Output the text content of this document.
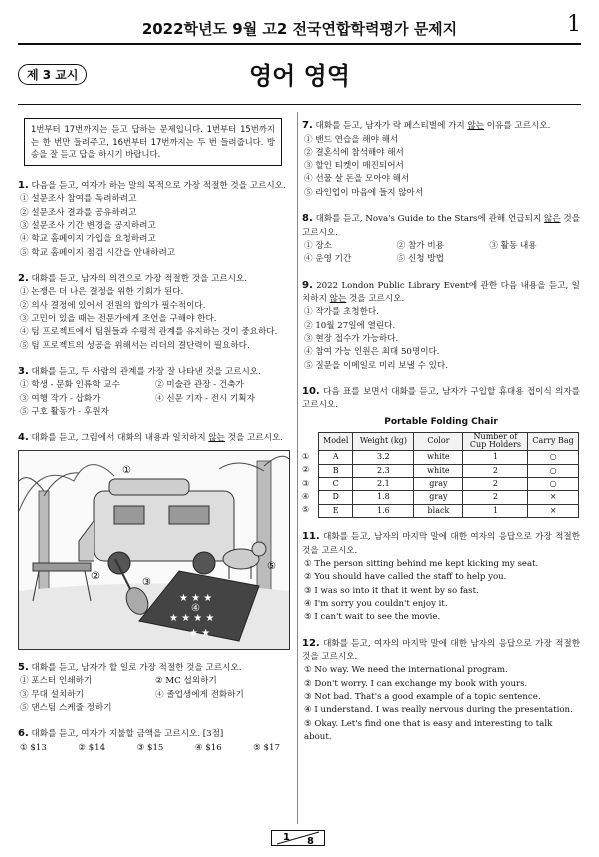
2022학년도 9월 고2 전국연합학력평가 문제지	1
제 3 교시	영어 영역
1번부터 17번까지는 듣고 답하는 문제입니다. 1번부터 15번까지는 한 번만 들려주고, 16번부터 17번까지는 두 번 들려줍니다. 방송을 잘 듣고 답을 하시기 바랍니다.
1. 다음을 듣고, 여자가 하는 말의 목적으로 가장 적절한 것을 고르시오.
① 설문조사 참여를 독려하려고
② 설문조사 결과를 공유하려고
③ 설문조사 기간 변경을 공지하려고
④ 학교 홈페이지 가입을 요청하려고
⑤ 학교 홈페이지 점검 시간을 안내하려고
2. 대화를 듣고, 남자의 의견으로 가장 적절한 것을 고르시오.
① 논쟁은 더 나은 결정을 위한 기회가 된다.
② 의사 결정에 있어서 전원의 합의가 필수적이다.
③ 고민이 있을 때는 전문가에게 조언을 구해야 한다.
④ 팀 프로젝트에서 팀원들과 수평적 관계를 유지하는 것이 중요하다.
⑤ 팀 프로젝트의 성공을 위해서는 리더의 결단력이 필요하다.
3. 대화를 듣고, 두 사람의 관계를 가장 잘 나타낸 것을 고르시오.
① 학생 - 문화 인류학 교수	② 미술관 관장 - 건축가
③ 여행 작가 - 삽화가	④ 신문 기자 - 전시 기획자
⑤ 구호 활동가 - 후원자
4. 대화를 듣고, 그림에서 대화의 내용과 일치하지 않는 것을 고르시오.
★ ★ ★
★ ★ ★ ★
★ ★
①
②
③
④
⑤
5. 대화를 듣고, 남자가 할 일로 가장 적절한 것을 고르시오.
① 포스터 인쇄하기	② MC 섭외하기
③ 무대 설치하기	④ 졸업생에게 전화하기
⑤ 댄스팀 스케줄 정하기
6. 대화를 듣고, 여자가 지불할 금액을 고르시오. [3점]
① $13	② $14	③ $15	④ $16	⑤ $17
7. 대화를 듣고, 남자가 락 페스티벌에 가지 않는 이유를 고르시오.
① 밴드 연습을 해야 해서
② 결혼식에 참석해야 해서
③ 할인 티켓이 매진되어서
④ 선물 살 돈을 모아야 해서
⑤ 라인업이 마음에 들지 않아서
8. 대화를 듣고, Nova's Guide to the Stars에 관해 언급되지 않은 것을 고르시오.
① 장소	② 참가 비용	③ 활동 내용
④ 운영 기간	⑤ 신청 방법
9. 2022 London Public Library Event에 관한 다음 내용을 듣고, 일치하지 않는 것을 고르시오.
① 작가를 초청한다.
② 10월 27일에 열린다.
③ 현장 접수가 가능하다.
④ 참여 가능 인원은 최대 50명이다.
⑤ 질문을 이메일로 미리 보낼 수 있다.
10. 다음 표를 보면서 대화를 듣고, 남자가 구입할 휴대용 접이식 의자를 고르시오.
Portable Folding Chair
Model	Weight (kg)	Color	Number of Cup Holders	Carry Bag
A	3.2	white	1	○
B	2.3	white	2	○
C	2.1	gray	2	○
D	1.8	gray	2	×
E	1.6	black	1	×
①
②
③
④
⑤
11. 대화를 듣고, 남자의 마지막 말에 대한 여자의 응답으로 가장 적절한 것을 고르시오.
① The person sitting behind me kept kicking my seat.
② You should have called the staff to help you.
③ I was so into it that it went by so fast.
④ I'm sorry you couldn't enjoy it.
⑤ I can't wait to see the movie.
12. 대화를 듣고, 여자의 마지막 말에 대한 남자의 응답으로 가장 적절한 것을 고르시오.
① No way. We need the international program.
② Don't worry. I can exchange my book with yours.
③ Not bad. That's a good example of a topic sentence.
④ I understand. I was really nervous during the presentation.
⑤ Okay. Let's find one that is easy and interesting to talk about.
1 8
